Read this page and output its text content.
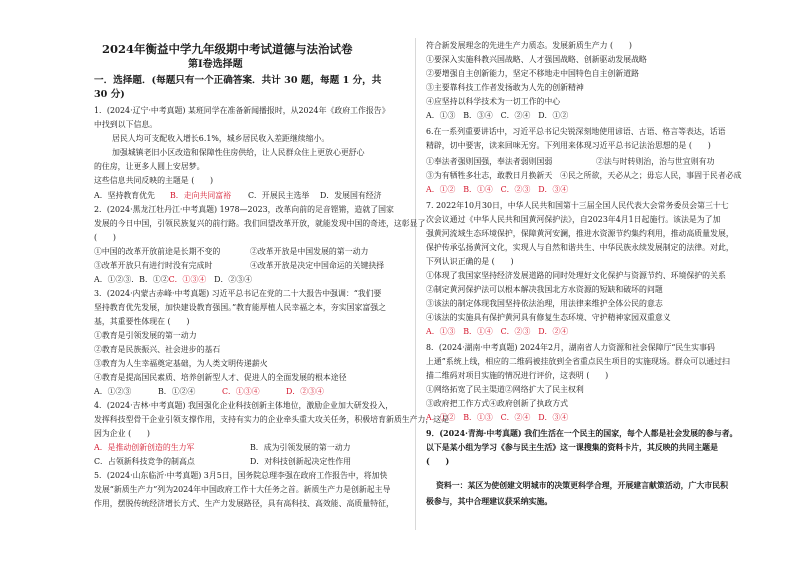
2024年衡益中学九年级期中考试道德与法治试卷
第Ⅰ卷选择题
一．选择题．(每题只有一个正确答案．共计 30 题，每题 1 分，共
30 分)
1．(2024·辽宁·中考真题) 某班同学在准备新闻播报时，从2024年《政府工作报告》
中找到以下信息。
居民人均可支配收入增长6.1%，城乡居民收入差距继续缩小。
加强城镇老旧小区改造和保障性住房供给，让人民群众住上更放心更舒心
的住房，让更多人圆上安居梦。
这些信息共同反映的主题是 (　　)
A．坚持教育优先 B．走向共同富裕 C．开展民主选举 D．发展国有经济
2．(2024·黑龙江牡丹江·中考真题) 1978—2023，改革向前的足音铿锵，造就了国家
发展的今日中国，引领民族复兴的前行路。我们回望改革开放，就能发现中国的奇迹，这彰显了
(　　)
①中国的改革开放前途是长期不变的	②改革开放是中国发展的第一动力
③改革开放只有进行时没有完成时	④改革开放是决定中国命运的关键抉择
A．①②③．B．①②C．①③④　 D．②③④
3．(2024·内蒙古赤峰·中考真题) 习近平总书记在党的二十大报告中强调：“我们要
坚持教育优先发展，加快建设教育强国。”教育能厚植人民幸福之本，夯实国家富强之
基，其重要性体现在 (　　)
①教育是引领发展的第一动力
②教育是民族振兴、社会进步的基石
③教育为人生幸福奠定基础，为人类文明传递薪火
④教育是提高国民素质、培养创新型人才、促进人的全面发展的根本途径
A．①②③	B．①②④	C．①③④	D．②③④
4．(2024·吉林·中考真题) 我国强化企业科技创新主体地位，激励企业加大研发投入，
发挥科技型骨干企业引领支撑作用，支持有实力的企业牵头重大攻关任务，积极培育新质生产力，这是
因为企业 (　　)
A．是推动创新创造的生力军	B．成为引领发展的第一动力
C．占领新科技竞争的制高点	D．对科技创新起决定性作用
5．(2024·山东临沂·中考真题) 3月5日，国务院总理李强在政府工作报告中，将加快
发展“新质生产力”列为2024年中国政府工作十大任务之首。新质生产力是创新起主导
作用，摆脱传统经济增长方式、生产力发展路径，具有高科技、高效能、高质量特征，
符合新发展理念的先进生产力质态。发展新质生产力 (　　)
①要深入实施科教兴国战略、人才强国战略、创新驱动发展战略
②要增强自主创新能力，坚定不移地走中国特色自主创新道路
③主要靠科技工作者发扬敢为人先的创新精神
④应坚持以科学技术为一切工作的中心
A．①③　B．③④　C．②④　D．①②
6.在一系列重要讲话中，习近平总书记尖锐深刻地使用谚语、古语、格言等表达，话语
精辟，切中要害，读来回味无穷。下列用来体现习近平总书记法治思想的是 (　　)
①奉法者强则国强，奉法者弱则国弱	②法与时转则治，治与世宜则有功
③为有牺牲多壮志，敢教日月换新天 ④民之所欲，天必从之；毋忘人民，事固于民者必成
A．①②　B．①④　C．②③　D．③④
7. 2022年10月30日，中华人民共和国第十三届全国人民代表大会常务委员会第三十七
次会议通过《中华人民共和国黄河保护法》，自2023年4月1日起施行。该法是为了加
强黄河流域生态环境保护，保障黄河安澜，推进水资源节约集约利用，推动高质量发展，
保护传承弘扬黄河文化，实现人与自然和谐共生、中华民族永续发展制定的法律。对此，
下列认识正确的是 (　　)
①体现了我国家坚持经济发展道路的同时处理好文化保护与资源节约、环境保护的关系
②制定黄河保护法可以根本解决我国北方水资源的短缺和破坏的问题
③该法的制定体现我国坚持依法治理，用法律来维护全体公民的意志
④该法的实施具有保护黄河具有修复生态环境、守护精神家园双重意义
A．①③　B．①④　C．②③　D．②④
8．(2024·湖南·中考真题) 2024年2月，湖南省人力资源和社会保障厅“民生实事码
上通”系统上线，相应的二维码被挂放到全省重点民生项目的实施现场。群众可以通过扫
描二维码对项目实施的情况进行评价，这表明 (　　)
①网络拓宽了民主渠道②网络扩大了民主权利
③政府把工作方式④政府创新了执政方式
A．①②　B．①③　C．②④　D．③④
9．(2024·青海·中考真题) 我们生活在一个民主的国家，每个人都是社会发展的参与者。
以下是某小组为学习《参与民主生活》这一课搜集的资料卡片，其反映的共同主题是
(　　)
资料一：某区为使创建文明城市的决策更科学合理，开展建言献策活动，广大市民积
极参与，其中合理建议获采纳实施。
